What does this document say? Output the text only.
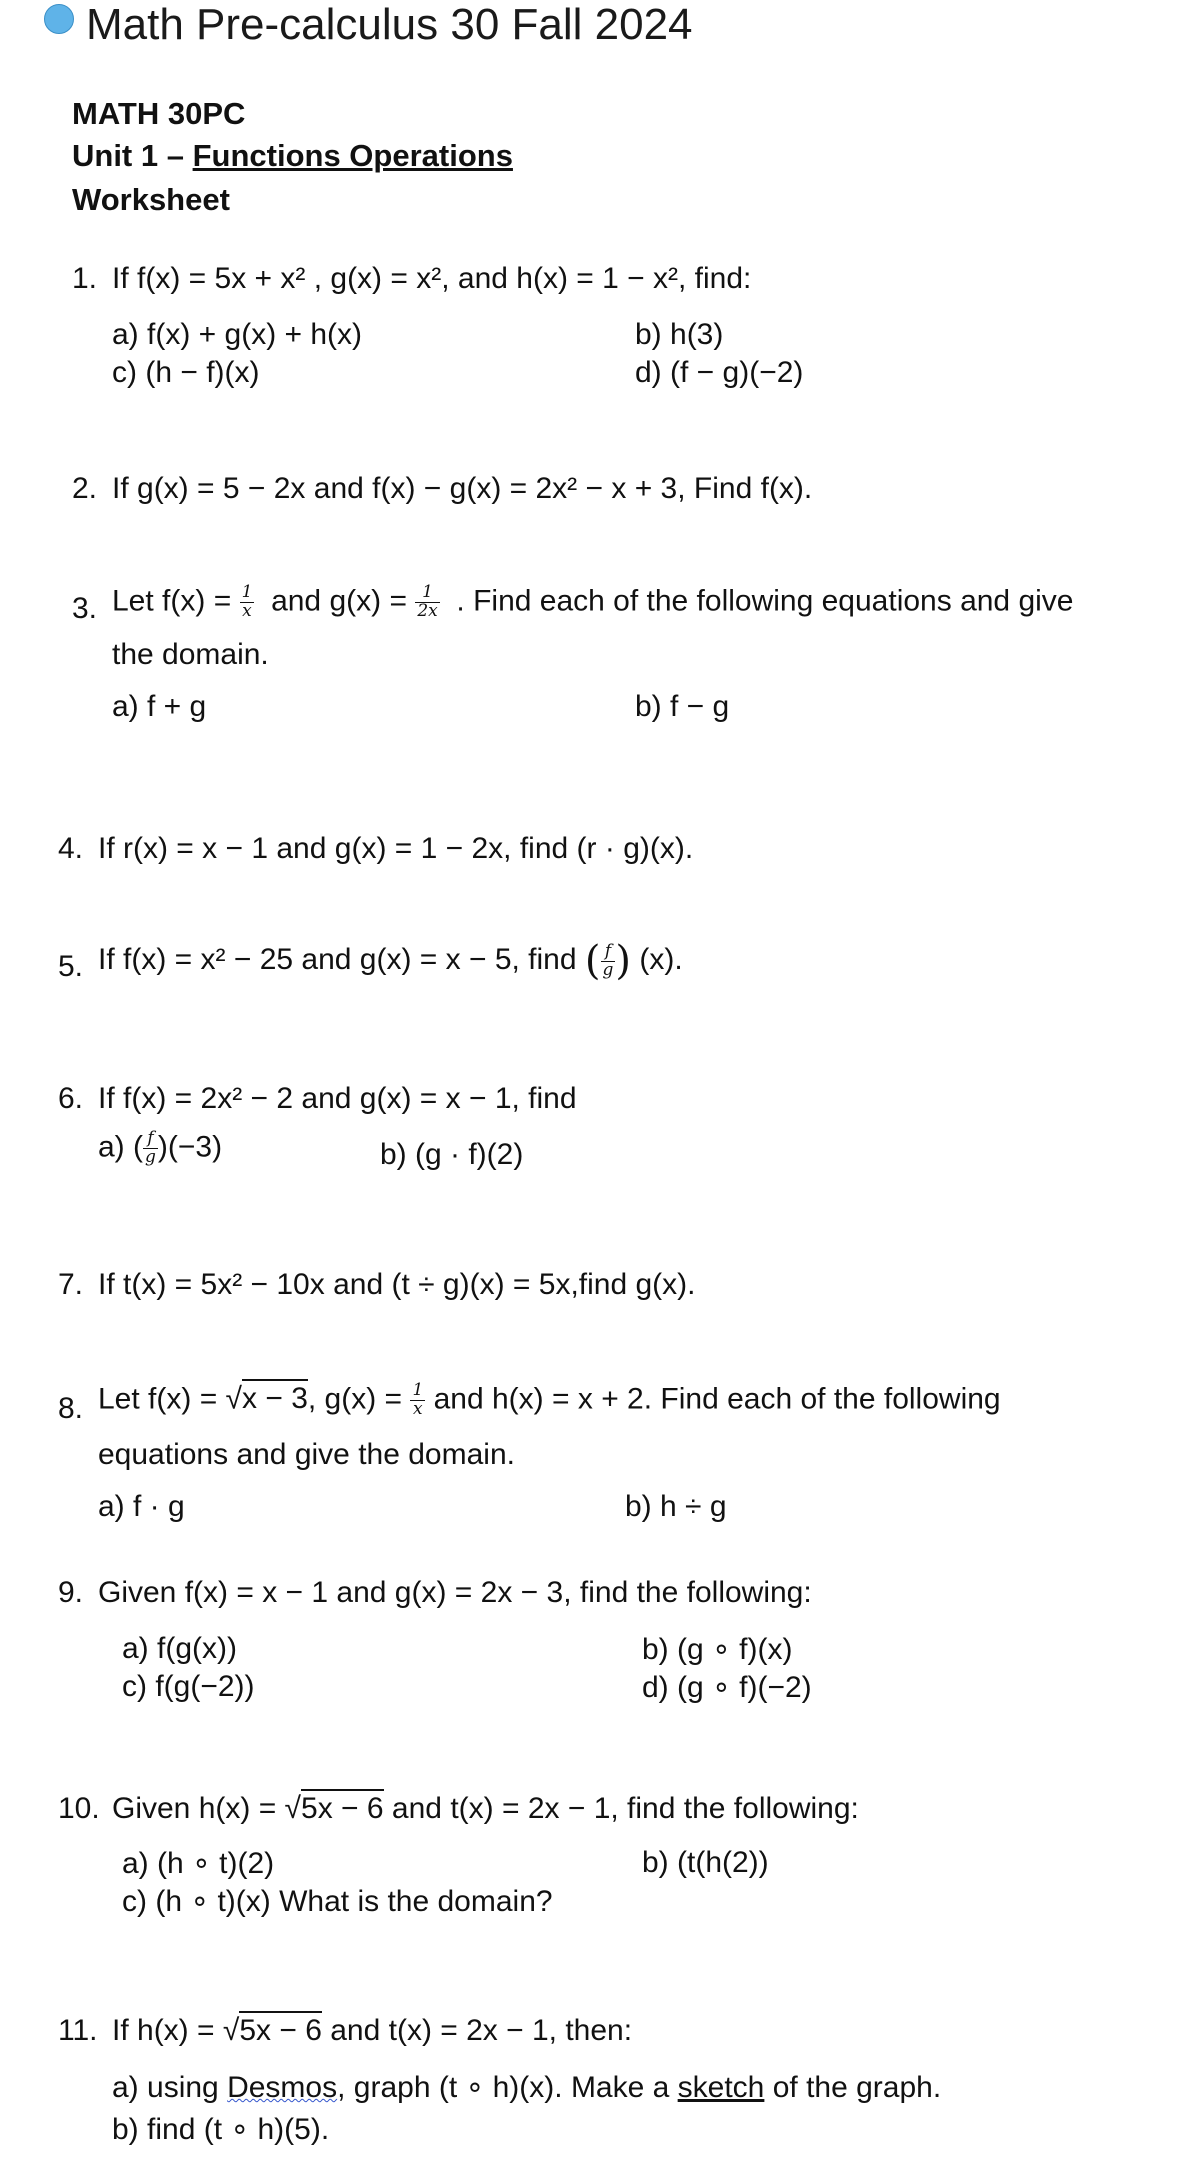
Math Pre-calculus 30 Fall 2024
MATH 30PC
Unit 1 – Functions Operations
Worksheet
1. If f(x) = 5x + x² , g(x) = x², and h(x) = 1 − x², find:
a) f(x) + g(x) + h(x)	b) h(3)
c) (h − f)(x)	d) (f − g)(−2)
2. If g(x) = 5 − 2x and f(x) − g(x) = 2x² − x + 3, Find f(x).
3. Let $f(x) = \frac{1}{x}$ and $g(x) = \frac{1}{2x}$ . Find each of the following equations and give
the domain.
a) f + g	b) f − g
4. If r(x) = x − 1 and g(x) = 1 − 2x, find (r · g)(x).
5. If f(x) = x² − 25 and g(x) = x − 5, find ( $\frac{f}{g}$ ) (x).
6. If f(x) = 2x² − 2 and g(x) = x − 1, find
a) ( $\frac{f}{g} )(-3)$	b) (g · f)(2)
7. If t(x) = 5x² − 10x and (t ÷ g)(x) = 5x,find g(x).
8. Let f(x) = √x − 3, $g(x) = \frac{1}{x}$ and h(x) = x + 2. Find each of the following
equations and give the domain.
a) f · g	b) h ÷ g
9. Given f(x) = x − 1 and g(x) = 2x − 3, find the following:
a) f(g(x))	b) (g ∘ f)(x)
c) f(g(−2))	d) (g ∘ f)(−2)
10. Given h(x) = √5x − 6 and t(x) = 2x − 1, find the following:
a) (h ∘ t)(2)	b) (t(h(2))
c) (h ∘ t)(x) What is the domain?
11. If h(x) = √5x − 6 and t(x) = 2x − 1, then:
a) using Desmos, graph (t ∘ h)(x). Make a sketch of the graph.
b) find (t ∘ h)(5).
